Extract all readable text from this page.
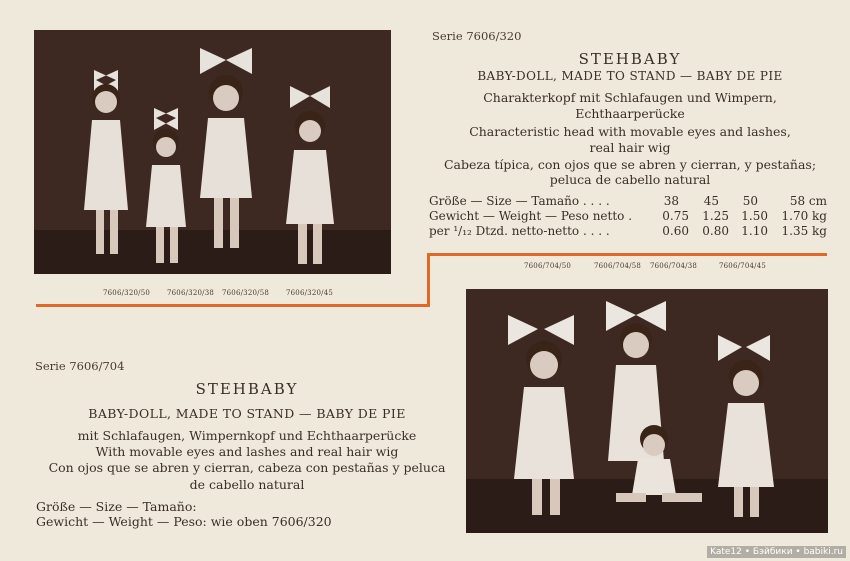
7606/320/50 7606/320/38 7606/320/58 7606/320/45
7606/704/50	7606/704/58 7606/704/38	7606/704/45
Serie 7606/320
STEHBABY
BABY-DOLL, MADE TO STAND — BABY DE PIE
Charakterkopf mit Schlafaugen und Wimpern,
Echthaarperücke
Characteristic head with movable eyes and lashes,
real hair wig
Cabeza típica, con ojos que se abren y cierran, y pestañas;
peluca de cabello natural
Größe — Size — Tamaño . . . .	38 45 50	58 cm
Gewicht — Weight — Peso netto .	0.75 1.25 1.50 1.70 kg
per ¹/₁₂ Dtzd. netto-netto . . . .	0.60 0.80 1.10 1.35 kg
Serie 7606/704
STEHBABY
BABY-DOLL, MADE TO STAND — BABY DE PIE
mit Schlafaugen, Wimpernkopf und Echthaarperücke
With movable eyes and lashes and real hair wig
Con ojos que se abren y cierran, cabeza con pestañas y peluca
de cabello natural
Größe — Size — Tamaño:
Gewicht — Weight — Peso: wie oben 7606/320
Kate12 • Бэйбики • babiki.ru
